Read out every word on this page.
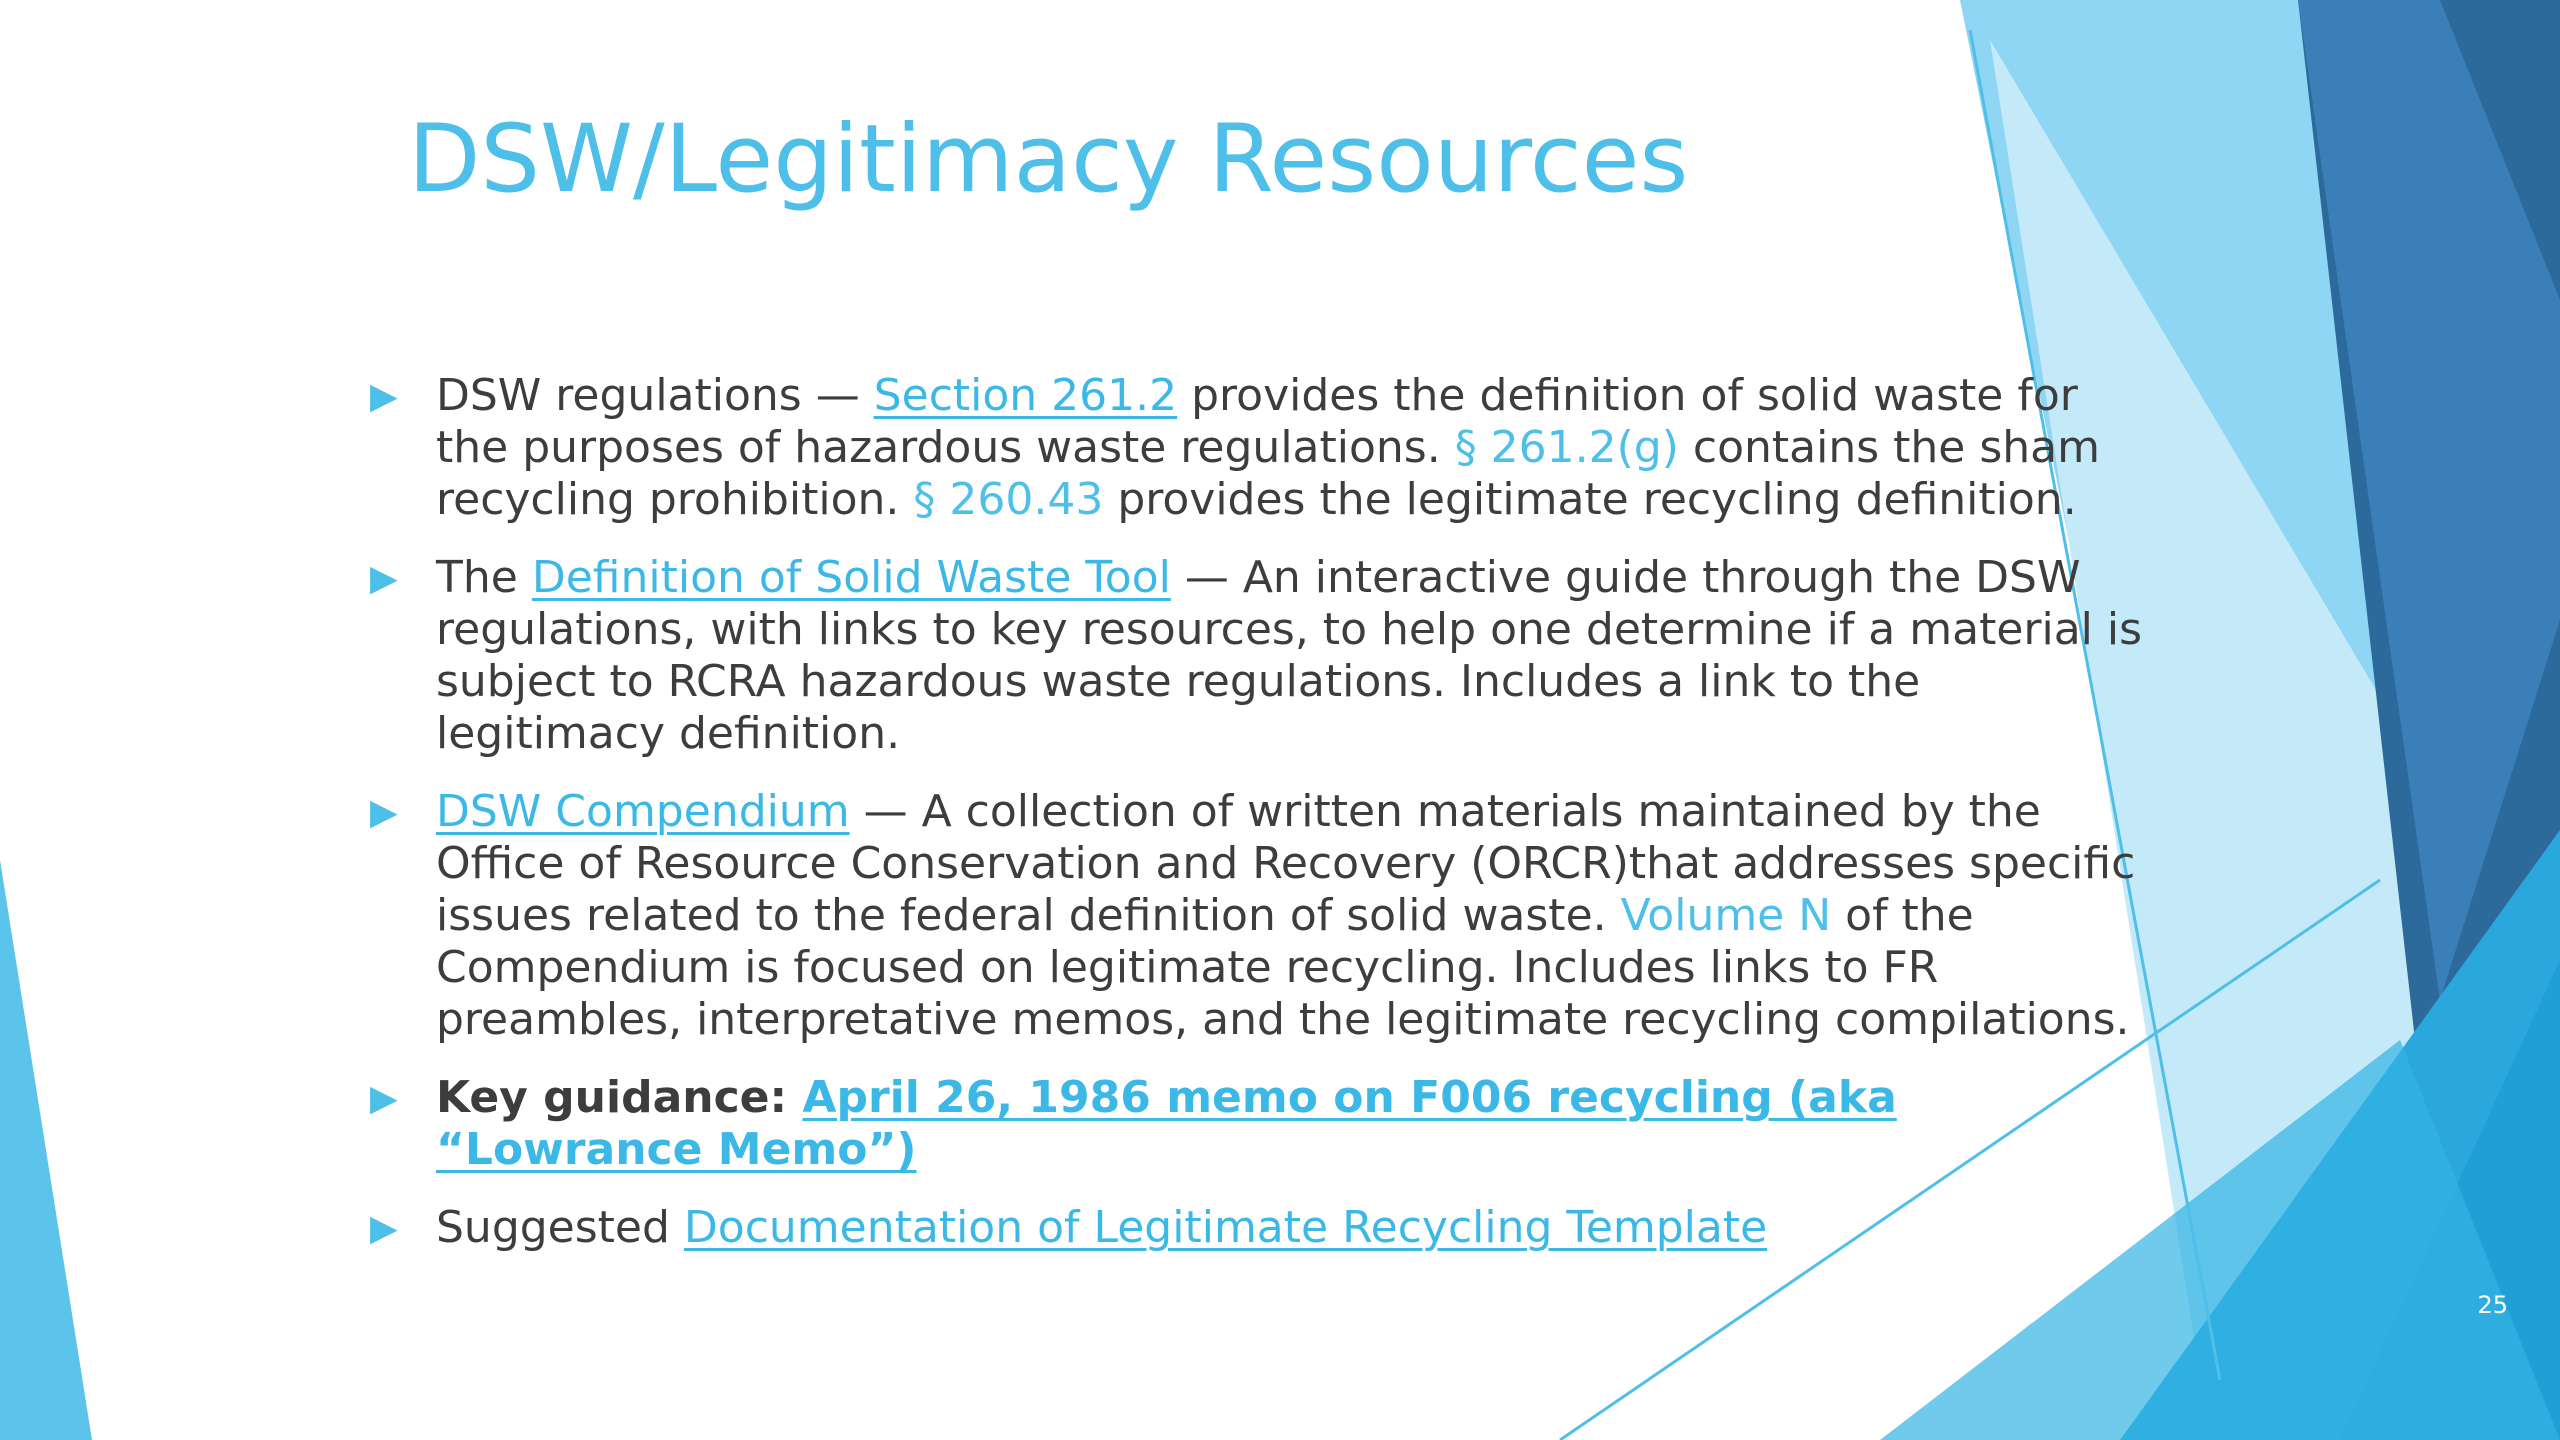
DSW/Legitimacy Resources
▶ DSW regulations — Section 261.2 provides the definition of solid waste for the purposes of hazardous waste regulations. § 261.2(g) contains the sham recycling prohibition. § 260.43 provides the legitimate recycling definition.
▶ The Definition of Solid Waste Tool — An interactive guide through the DSW regulations, with links to key resources, to help one determine if a material is subject to RCRA hazardous waste regulations. Includes a link to the legitimacy definition.
▶ DSW Compendium — A collection of written materials maintained by the Office of Resource Conservation and Recovery (ORCR)that addresses specific issues related to the federal definition of solid waste. Volume N of the Compendium is focused on legitimate recycling. Includes links to FR preambles, interpretative memos, and the legitimate recycling compilations.
▶ Key guidance: April 26, 1986 memo on F006 recycling (aka “Lowrance Memo”)
▶ Suggested Documentation of Legitimate Recycling Template
25
